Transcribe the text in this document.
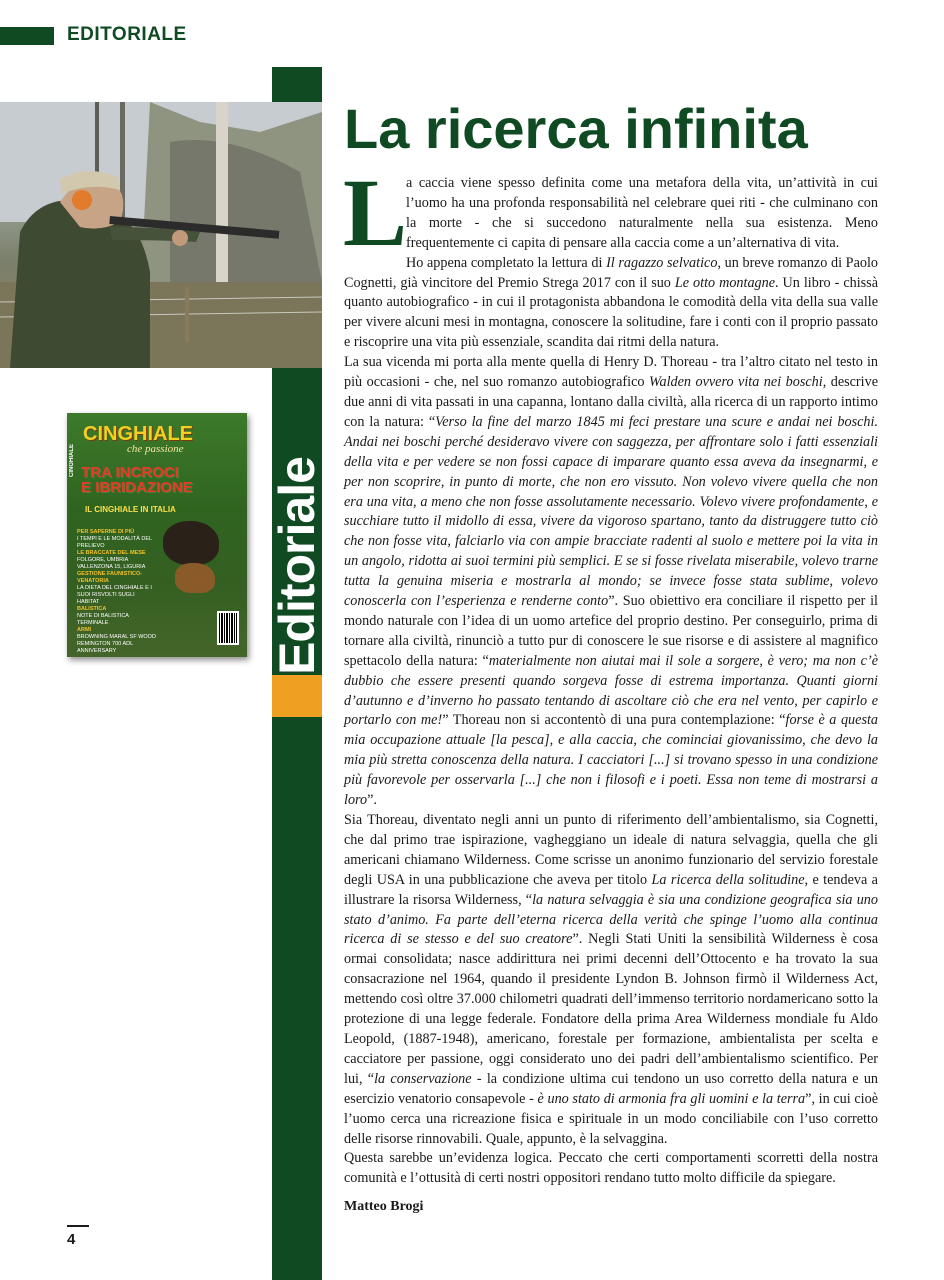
EDITORIALE
Editoriale
CINGHIALE
CINGHIALE
che passione
TRA INCROCI
E IBRIDAZIONE
IL CINGHIALE IN ITALIA
PER SAPERNE DI PIÙ
I TEMPI E LE MODALITÀ DEL PRELIEVO
LE BRACCATE DEL MESE
FOLGORE, UMBRIA VALLENZONA 15, LIGURIA
GESTIONE FAUNISTICO-VENATORIA
LA DIETA DEL CINGHIALE E I SUOI RISVOLTI SUGLI HABITAT
BALISTICA
NOTE DI BALISTICA TERMINALE
ARMI
BROWNING MARAL SF WOOD REMINGTON 700 ADL ANNIVERSARY
La ricerca infinita

a caccia viene spesso definita come una metafora della vita, un’attività in cui l’uomo ha una profonda responsabilità nel celebrare quei riti - che culminano con la morte - che si succedono naturalmente nella sua esistenza. Meno frequentemente ci capita di pensare alla caccia come a un’alternativa di vita.

Ho appena completato la lettura di Il ragazzo selvatico, un breve romanzo di Paolo Cognetti, già vincitore del Premio Strega 2017 con il suo Le otto montagne. Un libro - chissà quanto autobiografico - in cui il protagonista abbandona le comodità della vita della sua valle per vivere alcuni mesi in montagna, conoscere la solitudine, fare i conti con il proprio passato e riscoprire una vita più essenziale, scandita dai ritmi della natura.

La sua vicenda mi porta alla mente quella di Henry D. Thoreau - tra l’altro citato nel testo in più occasioni - che, nel suo romanzo autobiografico Walden ovvero vita nei boschi, descrive due anni di vita passati in una capanna, lontano dalla civiltà, alla ricerca di un rapporto intimo con la natura: “Verso la fine del marzo 1845 mi feci prestare una scure e andai nei boschi. Andai nei boschi perché desideravo vivere con saggezza, per affrontare solo i fatti essenziali della vita e per vedere se non fossi capace di imparare quanto essa aveva da insegnarmi, e per non scoprire, in punto di morte, che non ero vissuto. Non volevo vivere quella che non era una vita, a meno che non fosse assolutamente necessario. Volevo vivere profondamente, e succhiare tutto il midollo di essa, vivere da vigoroso spartano, tanto da distruggere tutto ciò che non fosse vita, falciarlo via con ampie bracciate radenti al suolo e mettere poi la vita in un angolo, ridotta ai suoi termini più semplici. E se si fosse rivelata miserabile, volevo trarne tutta la genuina miseria e mostrarla al mondo; se invece fosse stata sublime, volevo conoscerla con l’esperienza e renderne conto”. Suo obiettivo era conciliare il rispetto per il mondo naturale con l’idea di un uomo artefice del proprio destino. Per conseguirlo, prima di tornare alla civiltà, rinunciò a tutto pur di conoscere le sue risorse e di assistere al magnifico spettacolo della natura: “materialmente non aiutai mai il sole a sorgere, è vero; ma non c’è dubbio che essere presenti quando sorgeva fosse di estrema importanza. Quanti giorni d’autunno e d’inverno ho passato tentando di ascoltare ciò che era nel vento, per capirlo e portarlo con me!” Thoreau non si accontentò di una pura contemplazione: “forse è a questa mia occupazione attuale [la pesca], e alla caccia, che cominciai giovanissimo, che devo la mia più stretta conoscenza della natura. I cacciatori [...] si trovano spesso in una condizione più favorevole per osservarla [...] che non i filosofi e i poeti. Essa non teme di mostrarsi a loro”.

Sia Thoreau, diventato negli anni un punto di riferimento dell’ambientalismo, sia Cognetti, che dal primo trae ispirazione, vagheggiano un ideale di natura selvaggia, quella che gli americani chiamano Wilderness. Come scrisse un anonimo funzionario del servizio forestale degli USA in una pubblicazione che aveva per titolo La ricerca della solitudine, e tendeva a illustrare la risorsa Wilderness, “la natura selvaggia è sia una condizione geografica sia uno stato d’animo. Fa parte dell’eterna ricerca della verità che spinge l’uomo alla continua ricerca di se stesso e del suo creatore”. Negli Stati Uniti la sensibilità Wilderness è cosa ormai consolidata; nasce addirittura nei primi decenni dell’Ottocento e ha trovato la sua consacrazione nel 1964, quando il presidente Lyndon B. Johnson firmò il Wilderness Act, mettendo così oltre 37.000 chilometri quadrati dell’immenso territorio nordamericano sotto la protezione di una legge federale. Fondatore della prima Area Wilderness mondiale fu Aldo Leopold, (1887-1948), americano, forestale per formazione, ambientalista per scelta e cacciatore per passione, oggi considerato uno dei padri dell’ambientalismo scientifico. Per lui, “la conservazione - la condizione ultima cui tendono un uso corretto della natura e un esercizio venatorio consapevole - è uno stato di armonia fra gli uomini e la terra”, in cui cioè l’uomo cerca una ricreazione fisica e spirituale in un modo conciliabile con l’uso corretto delle risorse rinnovabili. Quale, appunto, è la selvaggina.

Questa sarebbe un’evidenza logica. Peccato che certi comportamenti scorretti della nostra comunità e l’ottusità di certi nostri oppositori rendano tutto molto difficile da spiegare.

L
Matteo Brogi
4
